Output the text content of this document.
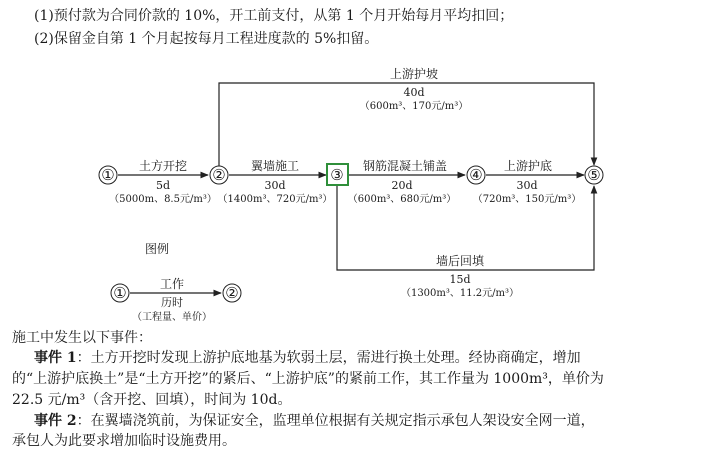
(1)预付款为合同价款的 10%，开工前支付，从第 1 个月开始每月平均扣回；
(2)保留金自第 1 个月起按每月工程进度款的 5%扣留。
①	②	③	④	⑤
土方开挖
5d
（5000m、8.5元/m³）
翼墙施工
30d
（1400m³、720元/m³）
钢筋混凝土铺盖
20d
（600m³、680元/m³）
上游护底
30d
（720m³、150元/m³）
上游护坡
40d
（600m³、170元/m³）
墙后回填
15d
（1300m³、11.2元/m³）
图例
①	②
工作
历时
（工程量、单价）
施工中发生以下事件：
事件 1：土方开挖时发现上游护底地基为软弱土层，需进行换土处理。经协商确定，增加
的“上游护底换土”是“土方开挖”的紧后、“上游护底”的紧前工作，其工作量为 1000m³，单价为
22.5 元/m³（含开挖、回填），时间为 10d。
事件 2：在翼墙浇筑前，为保证安全，监理单位根据有关规定指示承包人架设安全网一道，
承包人为此要求增加临时设施费用。
